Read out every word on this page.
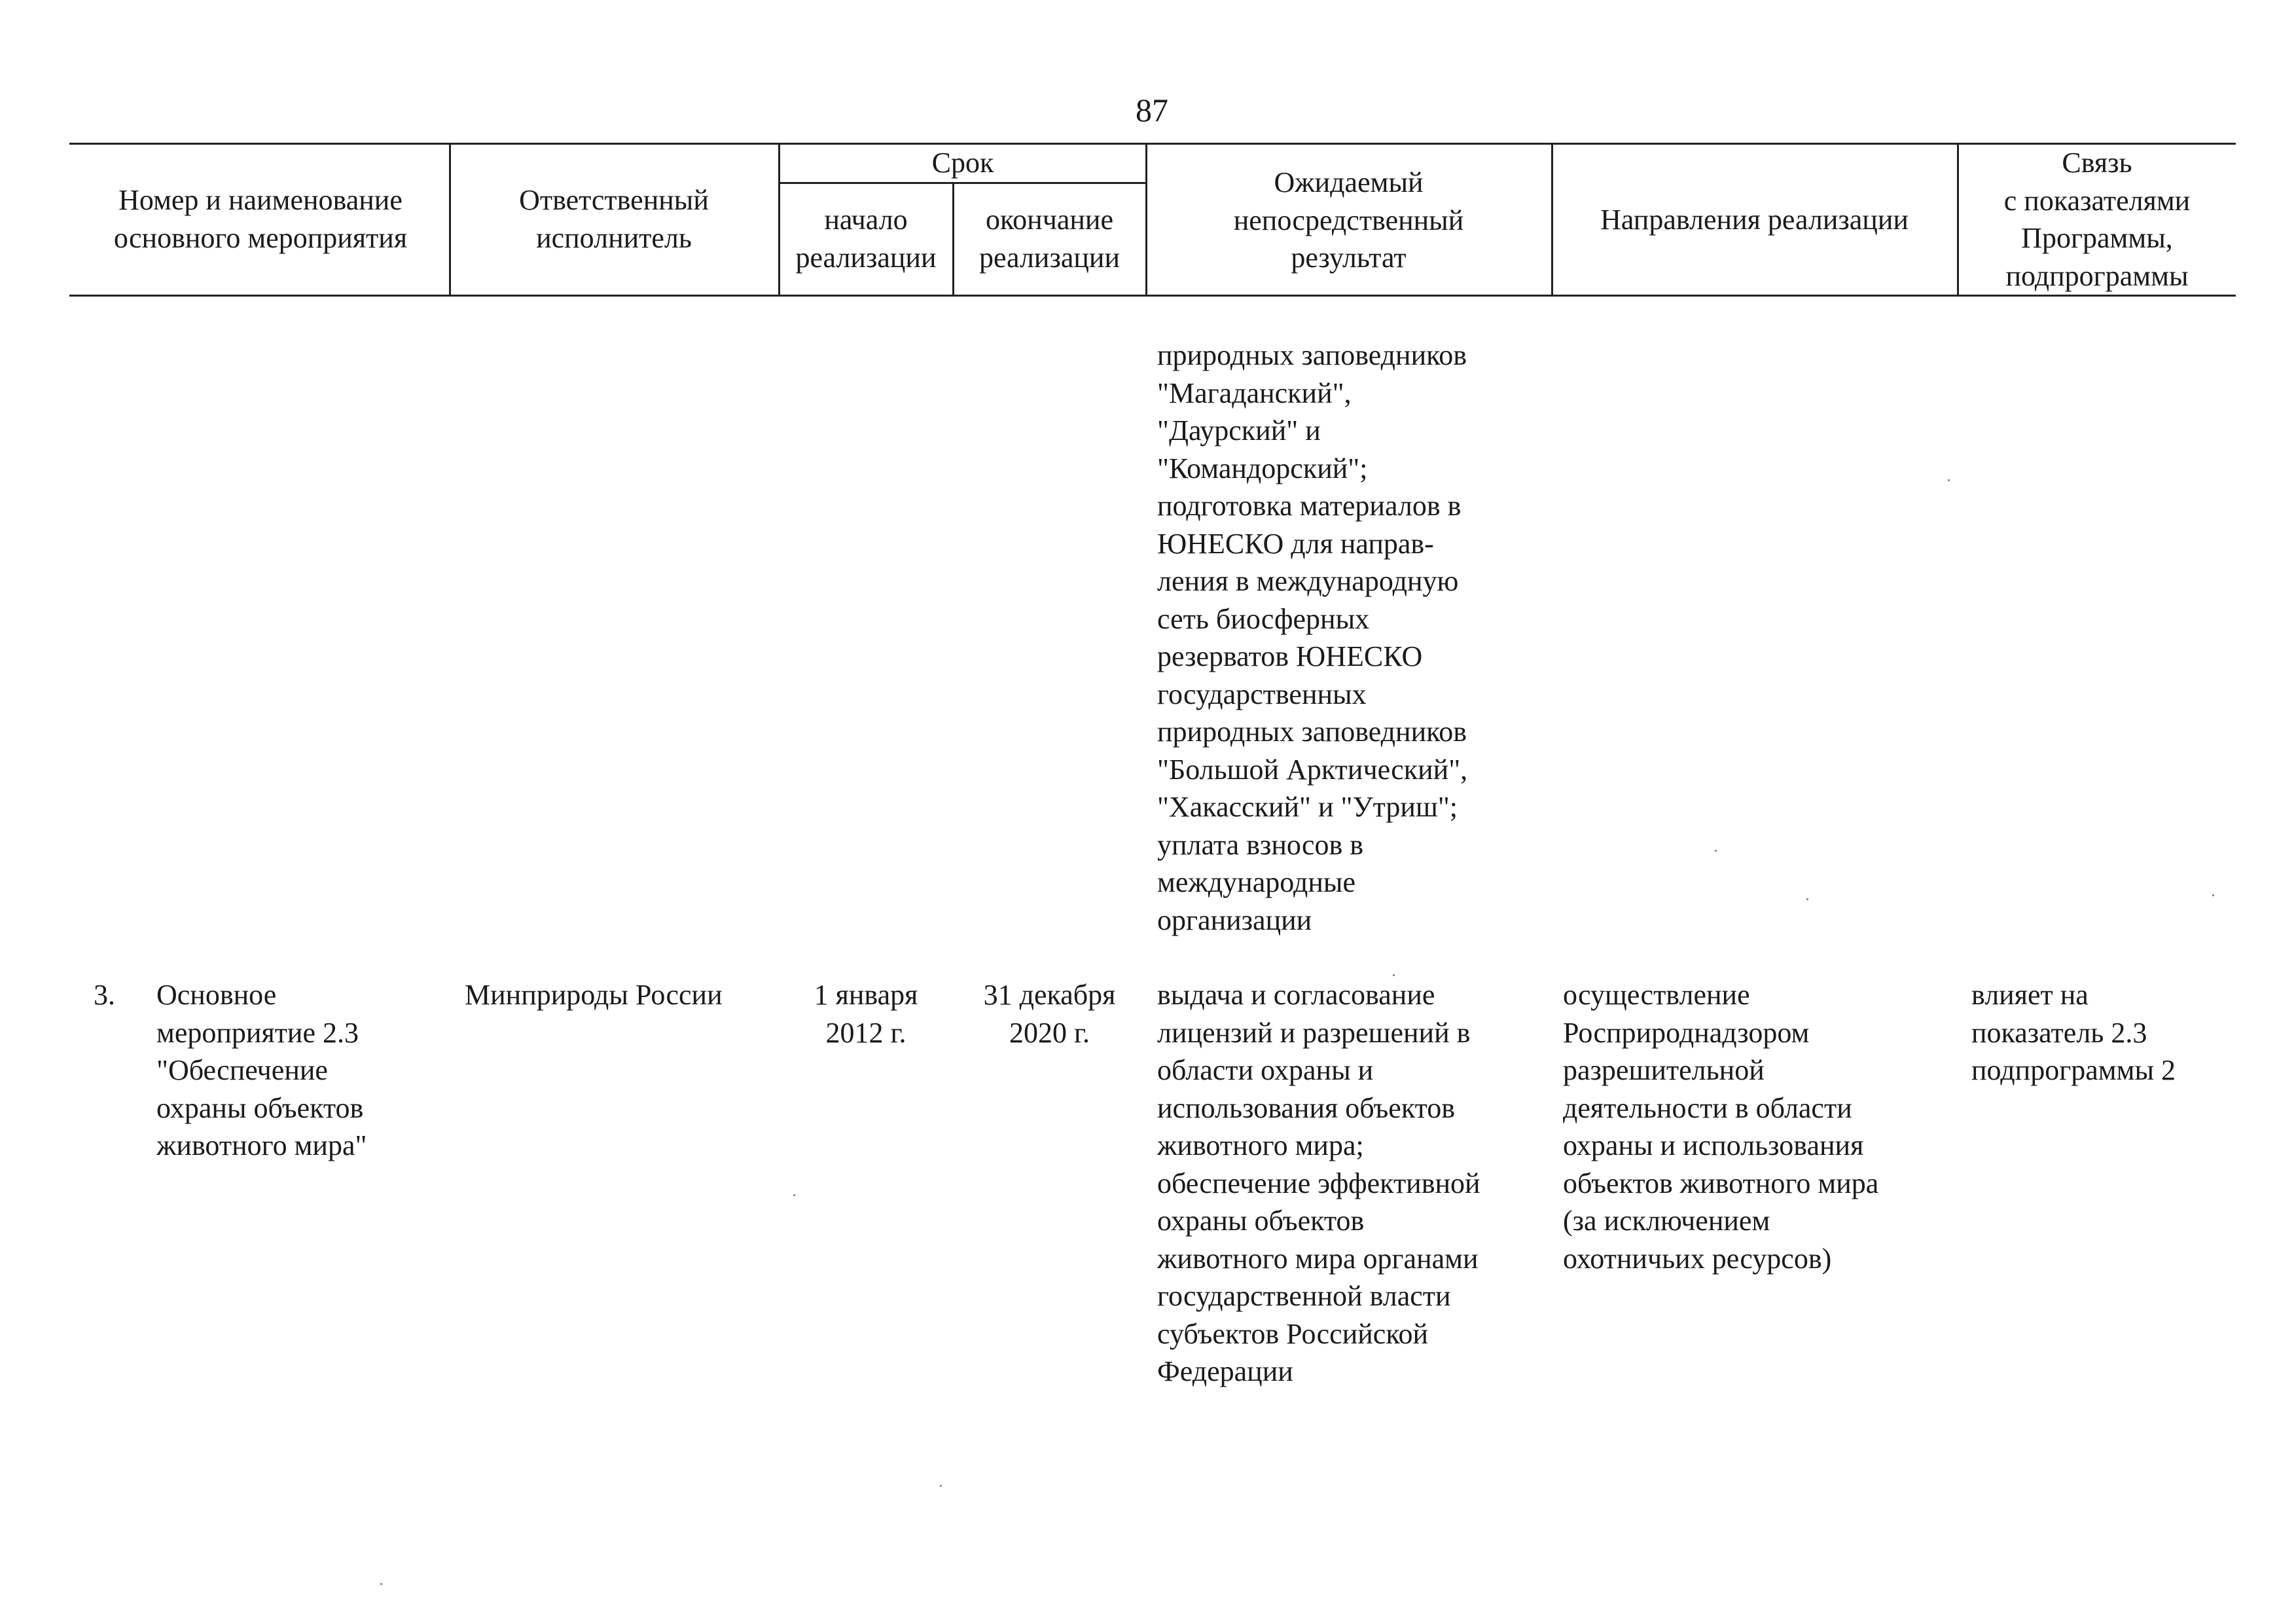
87
Номер и наименование
основного мероприятия
Ответственный
исполнитель
Срок
начало
реализации
окончание
реализации
Ожидаемый
непосредственный
результат
Направления реализации
Связь
с показателями
Программы,
подпрограммы
природных заповедников
"Магаданский",
"Даурский" и
"Командорский";
подготовка материалов в
ЮНЕСКО для направ-
ления в международную
сеть биосферных
резерватов ЮНЕСКО
государственных
природных заповедников
"Большой Арктический",
"Хакасский" и "Утриш";
уплата взносов в
международные
организации
3.	Основное
мероприятие 2.3
"Обеспечение
охраны объектов
животного мира"
Минприроды России	1 января
2012 г.
31 декабря
2020 г.
выдача и согласование
лицензий и разрешений в
области охраны и
использования объектов
животного мира;
обеспечение эффективной
охраны объектов
животного мира органами
государственной власти
субъектов Российской
Федерации
осуществление
Росприроднадзором
разрешительной
деятельности в области
охраны и использования
объектов животного мира
(за исключением
охотничьих ресурсов)
влияет на
показатель 2.3
подпрограммы 2
